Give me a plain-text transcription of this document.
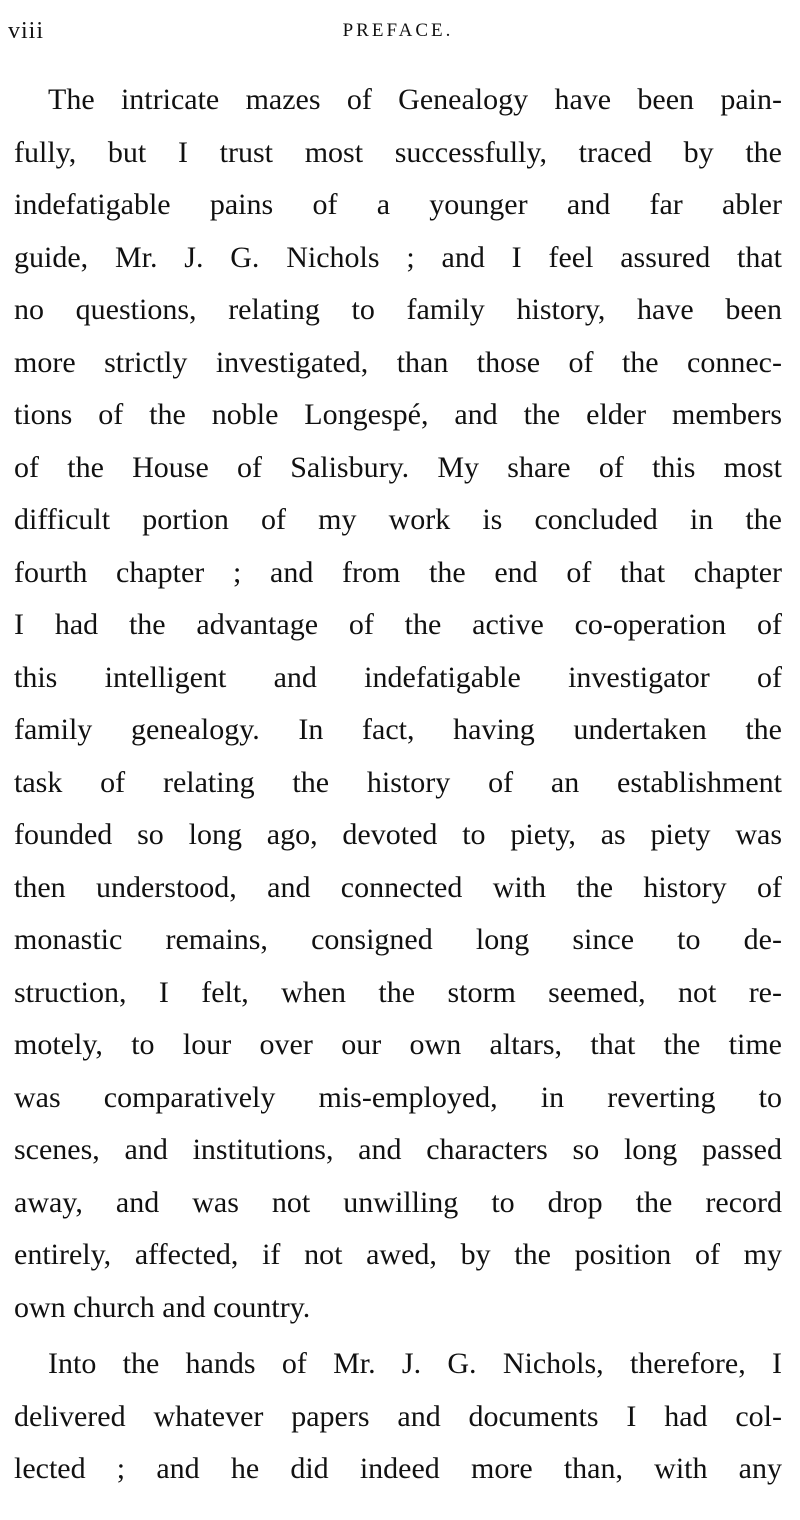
viii	PREFACE.
The intricate mazes of Genealogy have been pain-
fully, but I trust most successfully, traced by the
indefatigable pains of a younger and far abler
guide, Mr. J. G. Nichols ; and I feel assured that
no questions, relating to family history, have been
more strictly investigated, than those of the connec-
tions of the noble Longespé, and the elder members
of the House of Salisbury. My share of this most
difficult portion of my work is concluded in the
fourth chapter ; and from the end of that chapter
I had the advantage of the active co-operation of
this intelligent and indefatigable investigator of
family genealogy. In fact, having undertaken the
task of relating the history of an establishment
founded so long ago, devoted to piety, as piety was
then understood, and connected with the history of
monastic remains, consigned long since to de-
struction, I felt, when the storm seemed, not re-
motely, to lour over our own altars, that the time
was comparatively mis-employed, in reverting to
scenes, and institutions, and characters so long passed
away, and was not unwilling to drop the record
entirely, affected, if not awed, by the position of my
own church and country.
Into the hands of Mr. J. G. Nichols, therefore, I
delivered whatever papers and documents I had col-
lected ; and he did indeed more than, with any
